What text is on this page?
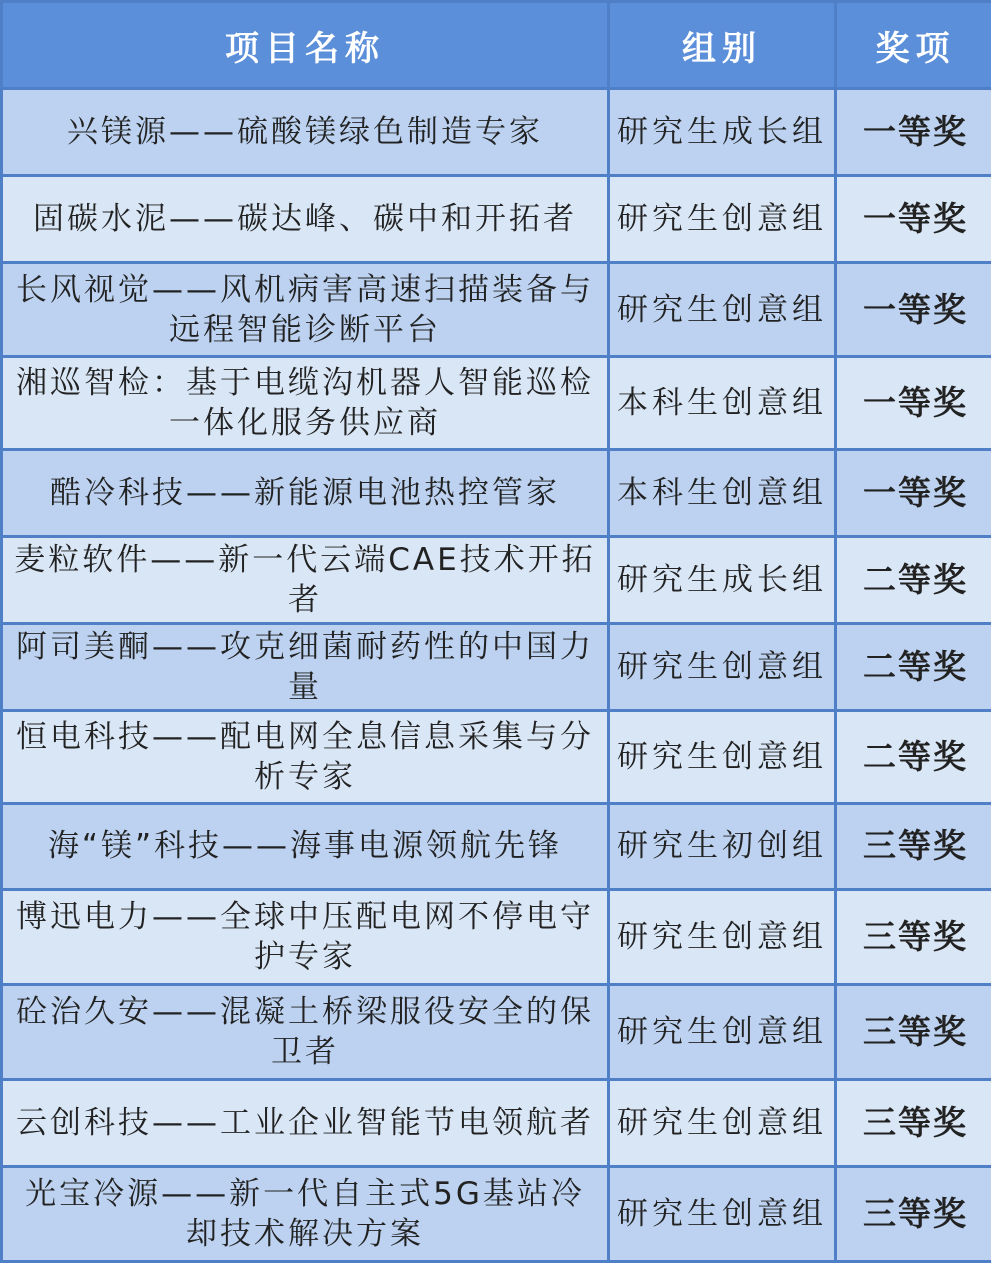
项目名称	组别	奖项
兴镁源——硫酸镁绿色制造专家	研究生成长组	一等奖
固碳水泥——碳达峰、碳中和开拓者	研究生创意组	一等奖
长风视觉——风机病害高速扫描装备与远程智能诊断平台	研究生创意组	一等奖
湘巡智检：基于电缆沟机器人智能巡检一体化服务供应商	本科生创意组	一等奖
酷冷科技——新能源电池热控管家	本科生创意组	一等奖
麦粒软件——新一代云端CAE技术开拓者	研究生成长组	二等奖
阿司美酮——攻克细菌耐药性的中国力量	研究生创意组	二等奖
恒电科技——配电网全息信息采集与分析专家	研究生创意组	二等奖
海“镁”科技——海事电源领航先锋	研究生初创组	三等奖
博迅电力——全球中压配电网不停电守护专家	研究生创意组	三等奖
砼治久安——混凝土桥梁服役安全的保卫者	研究生创意组	三等奖
云创科技——工业企业智能节电领航者	研究生创意组	三等奖
光宝冷源——新一代自主式5G基站冷却技术解决方案	研究生创意组	三等奖
